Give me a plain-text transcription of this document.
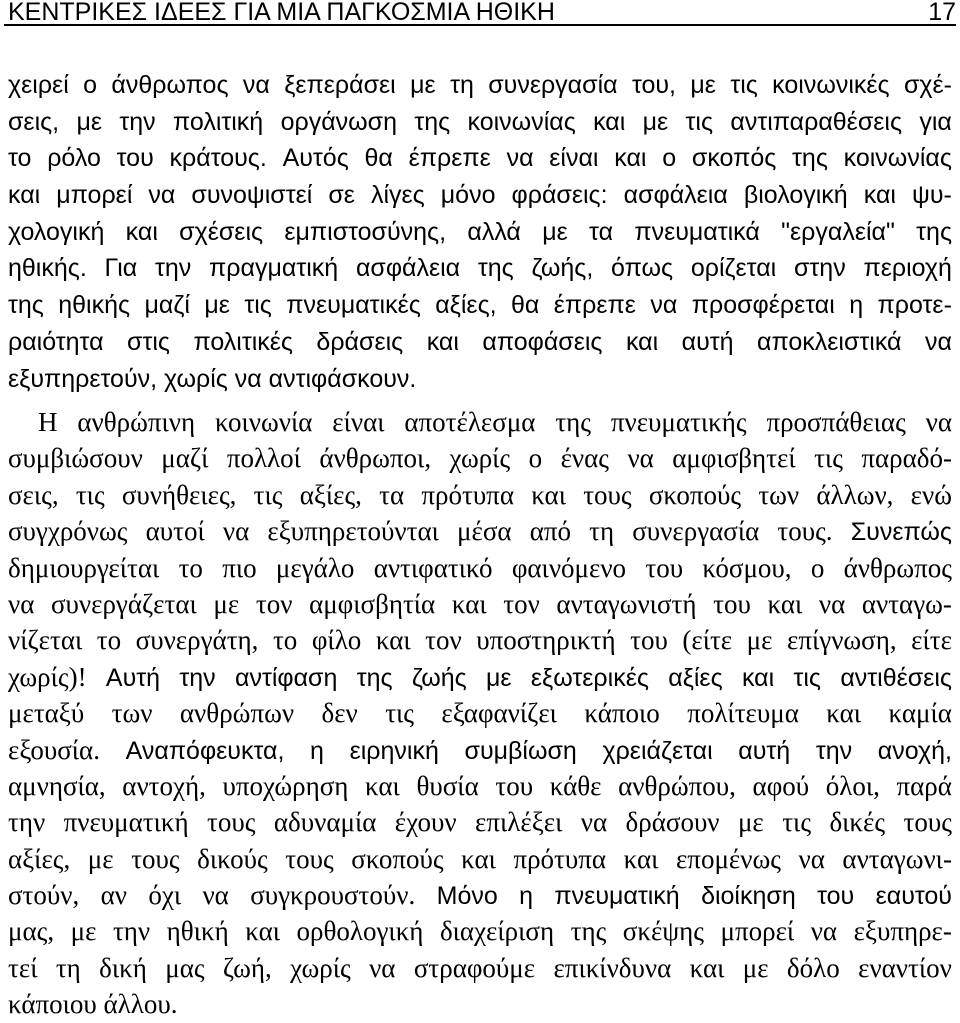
ΚΕΝΤΡΙΚΕΣ ΙΔΕΕΣ ΓΙΑ ΜΙΑ ΠΑΓΚΟΣΜΙΑ ΗΘΙΚΗ	17
χειρεί ο άνθρωπος να ξεπεράσει με τη συνεργασία του, με τις κοινωνικές σχέ-
σεις, με την πολιτική οργάνωση της κοινωνίας και με τις αντιπαραθέσεις για
το ρόλο του κράτους. Αυτός θα έπρεπε να είναι και ο σκοπός της κοινωνίας
και μπορεί να συνοψιστεί σε λίγες μόνο φράσεις: ασφάλεια βιολογική και ψυ-
χολογική και σχέσεις εμπιστοσύνης, αλλά με τα πνευματικά "εργαλεία" της
ηθικής. Για την πραγματική ασφάλεια της ζωής, όπως ορίζεται στην περιοχή
της ηθικής μαζί με τις πνευματικές αξίες, θα έπρεπε να προσφέρεται η προτε-
ραιότητα στις πολιτικές δράσεις και αποφάσεις και αυτή αποκλειστικά να
εξυπηρετούν, χωρίς να αντιφάσκουν.
Η ανθρώπινη κοινωνία είναι αποτέλεσμα της πνευματικής προσπάθειας να
συμβιώσουν μαζί πολλοί άνθρωποι, χωρίς ο ένας να αμφισβητεί τις παραδό-
σεις, τις συνήθειες, τις αξίες, τα πρότυπα και τους σκοπούς των άλλων, ενώ
συγχρόνως αυτοί να εξυπηρετούνται μέσα από τη συνεργασία τους. Συνεπώς
δημιουργείται το πιο μεγάλο αντιφατικό φαινόμενο του κόσμου, ο άνθρωπος
να συνεργάζεται με τον αμφισβητία και τον ανταγωνιστή του και να ανταγω-
νίζεται το συνεργάτη, το φίλο και τον υποστηρικτή του (είτε με επίγνωση, είτε
χωρίς)! Αυτή την αντίφαση της ζωής με εξωτερικές αξίες και τις αντιθέσεις
μεταξύ των ανθρώπων δεν τις εξαφανίζει κάποιο πολίτευμα και καμία
εξουσία. Αναπόφευκτα, η ειρηνική συμβίωση χρειάζεται αυτή την ανοχή,
αμνησία, αντοχή, υποχώρηση και θυσία του κάθε ανθρώπου, αφού όλοι, παρά
την πνευματική τους αδυναμία έχουν επιλέξει να δράσουν με τις δικές τους
αξίες, με τους δικούς τους σκοπούς και πρότυπα και επομένως να ανταγωνι-
στούν, αν όχι να συγκρουστούν. Μόνο η πνευματική διοίκηση του εαυτού
μας, με την ηθική και ορθολογική διαχείριση της σκέψης μπορεί να εξυπηρε-
τεί τη δική μας ζωή, χωρίς να στραφούμε επικίνδυνα και με δόλο εναντίον
κάποιου άλλου.
